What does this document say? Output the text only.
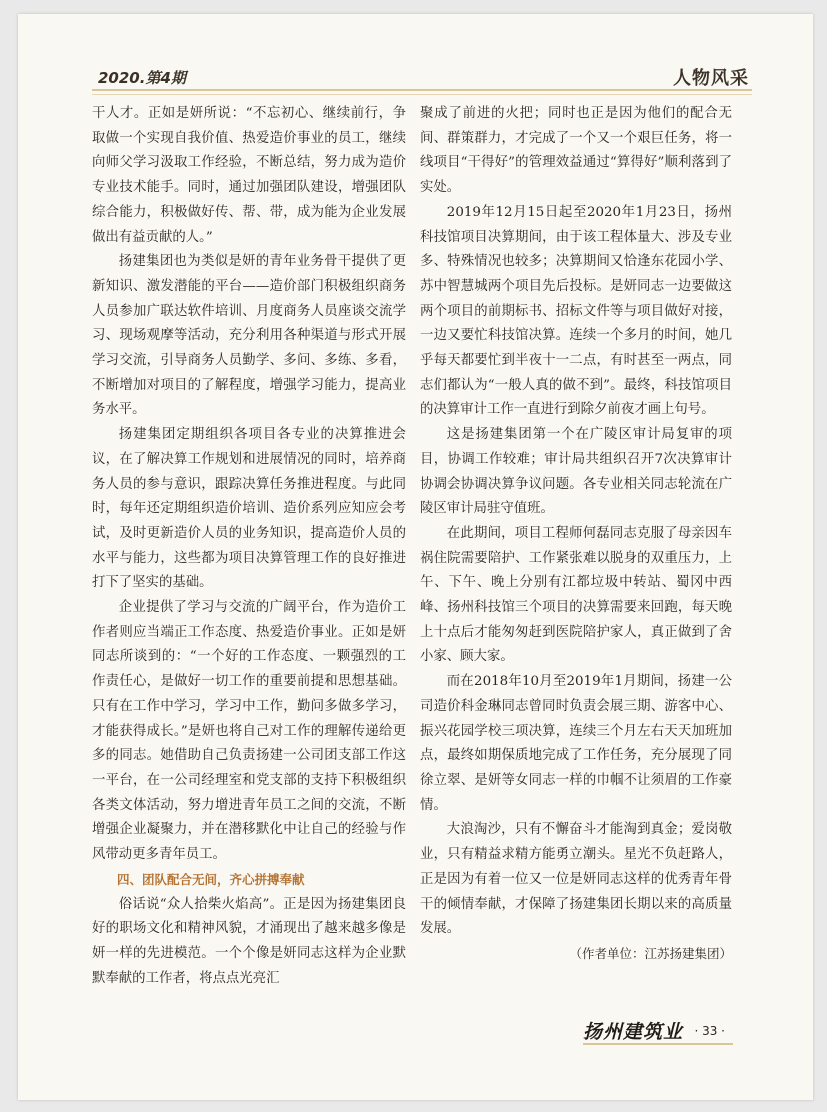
2020.第4期	人物风采

干人才。正如是妍所说：“不忘初心、继续前行，争取做一个实现自我价值、热爱造价事业的员工，继续向师父学习汲取工作经验，不断总结，努力成为造价专业技术能手。同时，通过加强团队建设，增强团队综合能力，积极做好传、帮、带，成为能为企业发展做出有益贡献的人。”

扬建集团也为类似是妍的青年业务骨干提供了更新知识、激发潜能的平台——造价部门积极组织商务人员参加广联达软件培训、月度商务人员座谈交流学习、现场观摩等活动，充分利用各种渠道与形式开展学习交流，引导商务人员勤学、多问、多练、多看，不断增加对项目的了解程度，增强学习能力，提高业务水平。

扬建集团定期组织各项目各专业的决算推进会议，在了解决算工作规划和进展情况的同时，培养商务人员的参与意识，跟踪决算任务推进程度。与此同时，每年还定期组织造价培训、造价系列应知应会考试，及时更新造价人员的业务知识，提高造价人员的水平与能力，这些都为项目决算管理工作的良好推进打下了坚实的基础。

企业提供了学习与交流的广阔平台，作为造价工作者则应当端正工作态度、热爱造价事业。正如是妍同志所谈到的：“一个好的工作态度、一颗强烈的工作责任心，是做好一切工作的重要前提和思想基础。只有在工作中学习，学习中工作，勤问多做多学习，才能获得成长。”是妍也将自己对工作的理解传递给更多的同志。她借助自己负责扬建一公司团支部工作这一平台，在一公司经理室和党支部的支持下积极组织各类文体活动，努力增进青年员工之间的交流，不断增强企业凝聚力，并在潜移默化中让自己的经验与作风带动更多青年员工。

四、团队配合无间，齐心拼搏奉献

俗话说“众人拾柴火焰高”。正是因为扬建集团良好的职场文化和精神风貌，才涌现出了越来越多像是妍一样的先进模范。一个个像是妍同志这样为企业默默奉献的工作者，将点点光亮汇

聚成了前进的火把；同时也正是因为他们的配合无间、群策群力，才完成了一个又一个艰巨任务，将一线项目“干得好”的管理效益通过“算得好”顺利落到了实处。

2019年12月15日起至2020年1月23日，扬州科技馆项目决算期间，由于该工程体量大、涉及专业多、特殊情况也较多；决算期间又恰逢东花园小学、苏中智慧城两个项目先后投标。是妍同志一边要做这两个项目的前期标书、招标文件等与项目做好对接，一边又要忙科技馆决算。连续一个多月的时间，她几乎每天都要忙到半夜十一二点，有时甚至一两点，同志们都认为“一般人真的做不到”。最终，科技馆项目的决算审计工作一直进行到除夕前夜才画上句号。

这是扬建集团第一个在广陵区审计局复审的项目，协调工作较难；审计局共组织召开7次决算审计协调会协调决算争议问题。各专业相关同志轮流在广陵区审计局驻守值班。

在此期间，项目工程师何磊同志克服了母亲因车祸住院需要陪护、工作紧张难以脱身的双重压力，上午、下午、晚上分别有江都垃圾中转站、蜀冈中西峰、扬州科技馆三个项目的决算需要来回跑，每天晚上十点后才能匆匆赶到医院陪护家人，真正做到了舍小家、顾大家。

而在2018年10月至2019年1月期间，扬建一公司造价科金琳同志曾同时负责会展三期、游客中心、振兴花园学校三项决算，连续三个月左右天天加班加点，最终如期保质地完成了工作任务，充分展现了同徐立翠、是妍等女同志一样的巾帼不让须眉的工作豪情。

大浪淘沙，只有不懈奋斗才能淘到真金；爱岗敬业，只有精益求精方能勇立潮头。星光不负赶路人，正是因为有着一位又一位是妍同志这样的优秀青年骨干的倾情奉献，才保障了扬建集团长期以来的高质量发展。

（作者单位：江苏扬建集团）

扬州建筑业 · 33 ·
